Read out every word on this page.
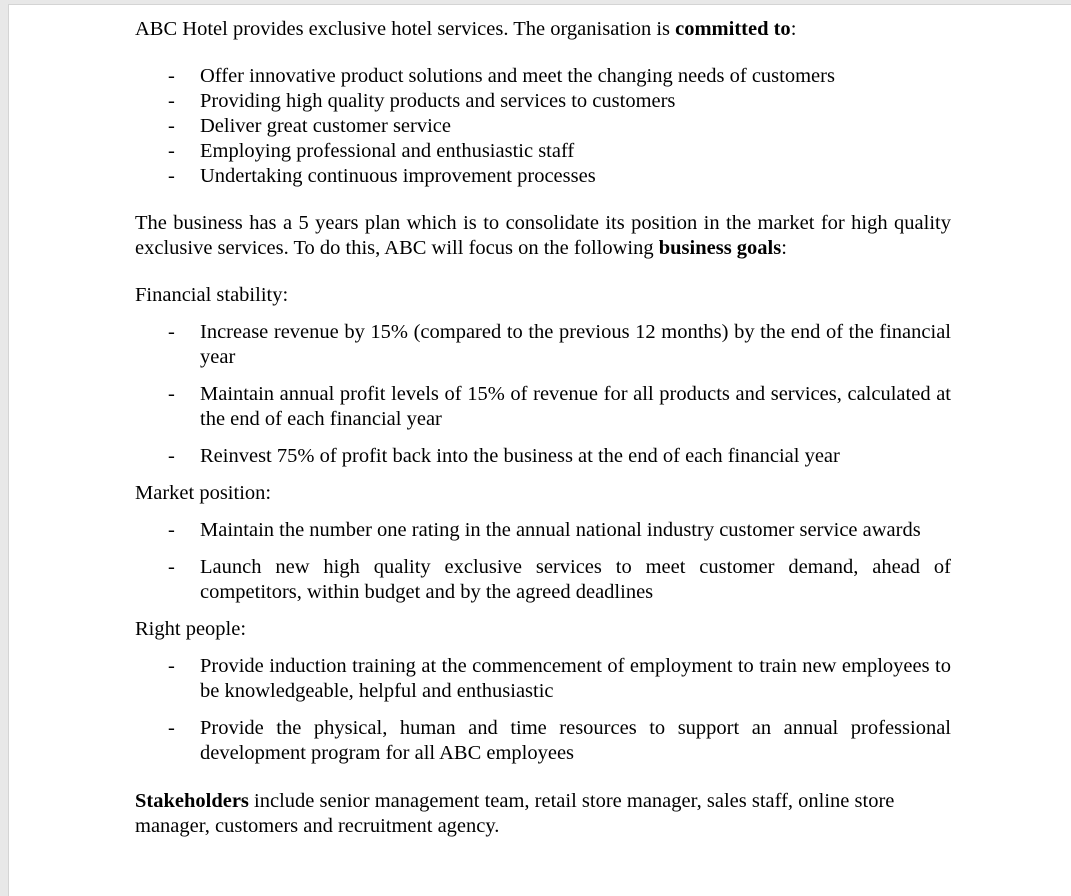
ABC Hotel provides exclusive hotel services. The organisation is committed to:

- Offer innovative product solutions and meet the changing needs of customers
- Providing high quality products and services to customers
- Deliver great customer service
- Employing professional and enthusiastic staff
- Undertaking continuous improvement processes

The business has a 5 years plan which is to consolidate its position in the market for high quality exclusive services. To do this, ABC will focus on the following business goals:

Financial stability:

- Increase revenue by 15% (compared to the previous 12 months) by the end of the financial year
- Maintain annual profit levels of 15% of revenue for all products and services, calculated at the end of each financial year
- Reinvest 75% of profit back into the business at the end of each financial year

Market position:

- Maintain the number one rating in the annual national industry customer service awards
- Launch new high quality exclusive services to meet customer demand, ahead of competitors, within budget and by the agreed deadlines

Right people:

- Provide induction training at the commencement of employment to train new employees to be knowledgeable, helpful and enthusiastic
- Provide the physical, human and time resources to support an annual professional development program for all ABC employees

Stakeholders include senior management team, retail store manager, sales staff, online store manager, customers and recruitment agency.
